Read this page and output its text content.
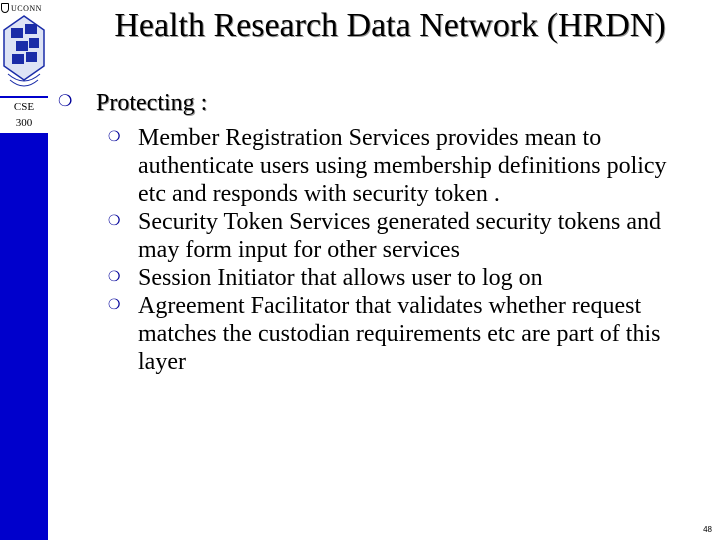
UCONN
CSE
300
Health Research Data Network (HRDN)
❍ Protecting :
❍ Member Registration Services provides mean to authenticate users using membership definitions policy etc and responds with security token .
❍ Security Token Services generated security tokens and may form input for other services
❍ Session Initiator that allows user to log on
❍ Agreement Facilitator that validates whether request matches the custodian requirements etc are part of this layer
48
